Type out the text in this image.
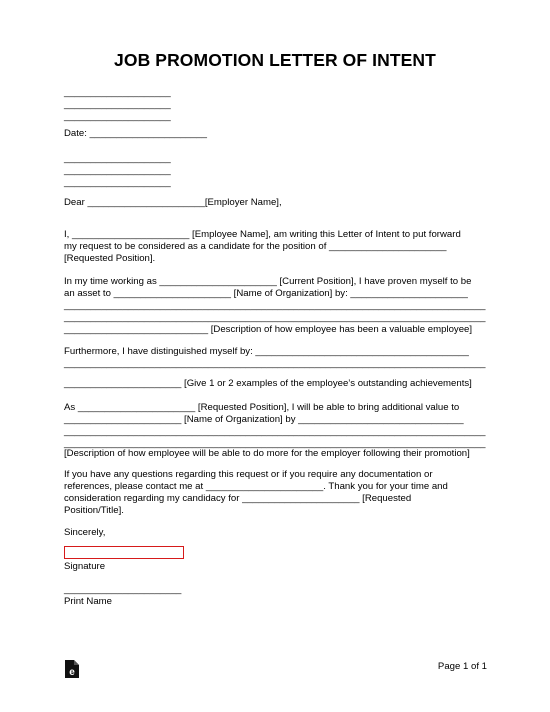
JOB PROMOTION LETTER OF INTENT
____________________
____________________
____________________
Date: ______________________
____________________
____________________
____________________
Dear ______________________[Employer Name],
I, ______________________ [Employee Name], am writing this Letter of Intent to put forward
my request to be considered as a candidate for the position of ______________________
[Requested Position].
In my time working as ______________________ [Current Position], I have proven myself to be
an asset to ______________________ [Name of Organization] by: ______________________
_______________________________________________________________________________
_______________________________________________________________________________
___________________________ [Description of how employee has been a valuable employee]
Furthermore, I have distinguished myself by: ________________________________________
_______________________________________________________________________________
______________________ [Give 1 or 2 examples of the employee’s outstanding achievements]
As ______________________ [Requested Position], I will be able to bring additional value to
______________________ [Name of Organization] by _______________________________
_______________________________________________________________________________
_______________________________________________________________________________
[Description of how employee will be able to do more for the employer following their promotion]
If you have any questions regarding this request or if you require any documentation or
references, please contact me at ______________________. Thank you for your time and
consideration regarding my candidacy for ______________________ [Requested
Position/Title].
Sincerely,
Signature
______________________
Print Name
e
Page 1 of 1
